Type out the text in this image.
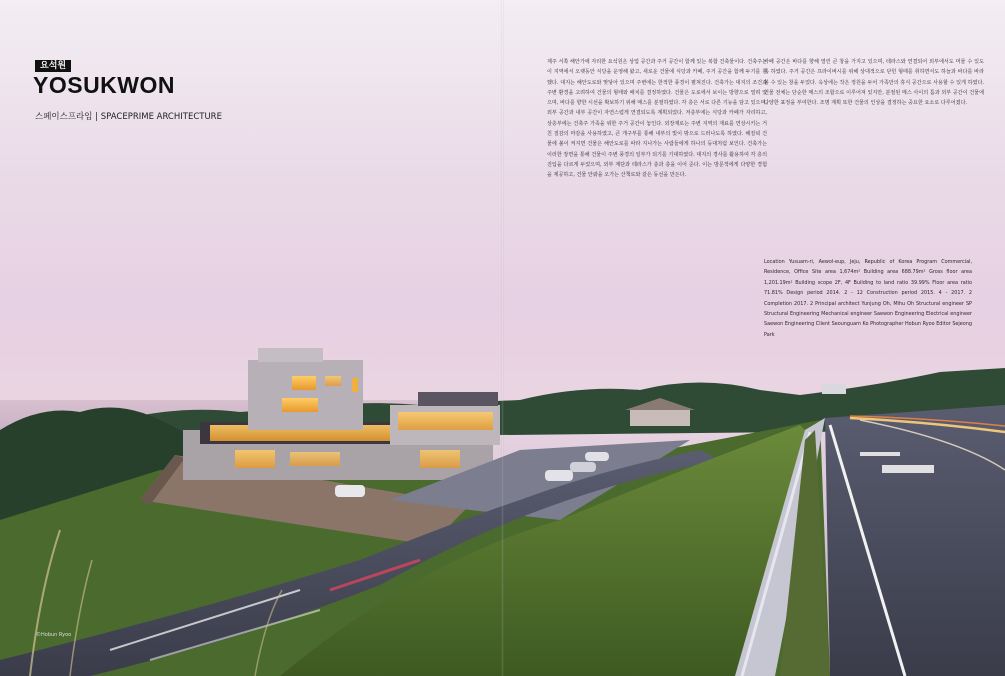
요석원
YOSUKWON
스페이스프라임 | SPACEPRIME ARCHITECTURE
제주 서쪽 해안가에 자리한 요석원은 상업 공간과 주거 공간이 함께 있는 복합 건축물이다. 건축주는 이 지역에서 오랫동안 식당을 운영해 왔고, 새로운 건물에 식당과 카페, 주거 공간을 함께 두기를 원했다. 대지는 해안도로와 맞닿아 있으며 주변에는 한적한 풍경이 펼쳐진다. 건축가는 대지의 조건과 주변 환경을 고려하여 건물의 형태와 배치를 결정하였다. 건물은 도로에서 보이는 방향으로 열려 있으며, 바다를 향한 시선을 확보하기 위해 매스를 분절하였다. 각 층은 서로 다른 기능을 담고 있으며, 외부 공간과 내부 공간이 자연스럽게 연결되도록 계획되었다. 저층부에는 식당과 카페가 자리하고, 상층부에는 건축주 가족을 위한 주거 공간이 놓인다. 외장재로는 주변 지역의 재료를 연상시키는 거친 질감의 마감을 사용하였고, 큰 개구부를 통해 내부의 빛이 밖으로 드러나도록 하였다. 해질녘 건물에 불이 켜지면 건물은 해안도로를 따라 지나가는 사람들에게 하나의 등대처럼 보인다. 건축가는 이러한 장면을 통해 건물이 주변 풍경의 일부가 되기를 기대하였다. 대지의 경사를 활용하여 각 층의 진입을 다르게 두었으며, 외부 계단과 테라스가 층과 층을 이어 준다. 이는 방문객에게 다양한 경험을 제공하고, 건물 안팎을 오가는 산책로와 같은 동선을 만든다.
카페 공간은 바다를 향해 열린 큰 창을 가지고 있으며, 테라스와 연결되어 외부에서도 머물 수 있도록 하였다. 주거 공간은 프라이버시를 위해 상대적으로 닫힌 형태를 취하면서도 하늘과 바다를 바라볼 수 있는 창을 두었다. 옥상에는 작은 정원을 두어 가족만의 휴식 공간으로 사용할 수 있게 하였다. 건물 전체는 단순한 매스의 조합으로 이루어져 있지만, 분절된 매스 사이의 틈과 외부 공간이 건물에 다양한 표정을 부여한다. 조명 계획 또한 건물의 인상을 결정하는 중요한 요소로 다루어졌다.
Location Yusuam-ri, Aewol-eup, Jeju, Republic of Korea Program Commercial, Residence, Office Site area 1,674m² Building area 688.79m² Gross floor area 1,201.19m² Building scope 2F, 4F Building to land ratio 39.99% Floor area ratio 71.81% Design period 2014. 2 - 12 Construction period 2015. 4 - 2017. 2 Completion 2017. 2 Principal architect Yunjung Oh, Mihu Oh Structural engineer SP Structural Engineering Mechanical engineer Saewon Engineering Electrical engineer Saewon Engineering Client Seounguam Ko Photographer Hobun Ryoo Editor Sejeong Park
©Hobun Ryoo
